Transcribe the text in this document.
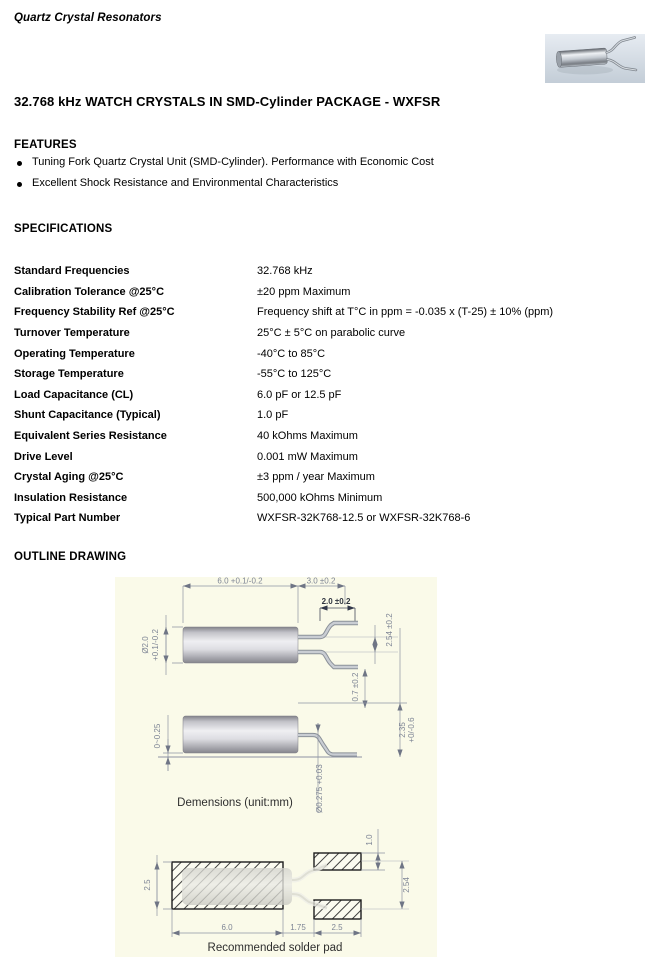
Quartz Crystal Resonators
32.768 kHz WATCH CRYSTALS IN SMD-Cylinder PACKAGE - WXFSR
FEATURES
Tuning Fork Quartz Crystal Unit (SMD-Cylinder). Performance with Economic Cost
Excellent Shock Resistance and Environmental Characteristics
SPECIFICATIONS
Standard Frequencies	32.768 kHz
Calibration Tolerance @25°C	±20 ppm Maximum
Frequency Stability Ref @25°C	Frequency shift at T°C in ppm = -0.035 x (T-25) ± 10% (ppm)
Turnover Temperature	25°C ± 5°C on parabolic curve
Operating Temperature	-40°C to 85°C
Storage Temperature	-55°C to 125°C
Load Capacitance (CL)	6.0 pF or 12.5 pF
Shunt Capacitance (Typical)	1.0 pF
Equivalent Series Resistance	40 kOhms Maximum
Drive Level	0.001 mW Maximum
Crystal Aging @25°C	±3 ppm / year Maximum
Insulation Resistance	500,000 kOhms Minimum
Typical Part Number	WXFSR-32K768-12.5 or WXFSR-32K768-6
OUTLINE DRAWING
6.0 +0.1/-0.2	3.0 ±0.2
2.0 ±0.2
Ø2.0 +0.1/-0.2	2.54 ±0.2
0.7 ±0.2
0~0.25	2.35 +0/-0.6
Ø0.275 +0.03
Demensions (unit:mm)
2.5
6.0	1.75	2.5
1.0
2.54
Recommended solder pad
